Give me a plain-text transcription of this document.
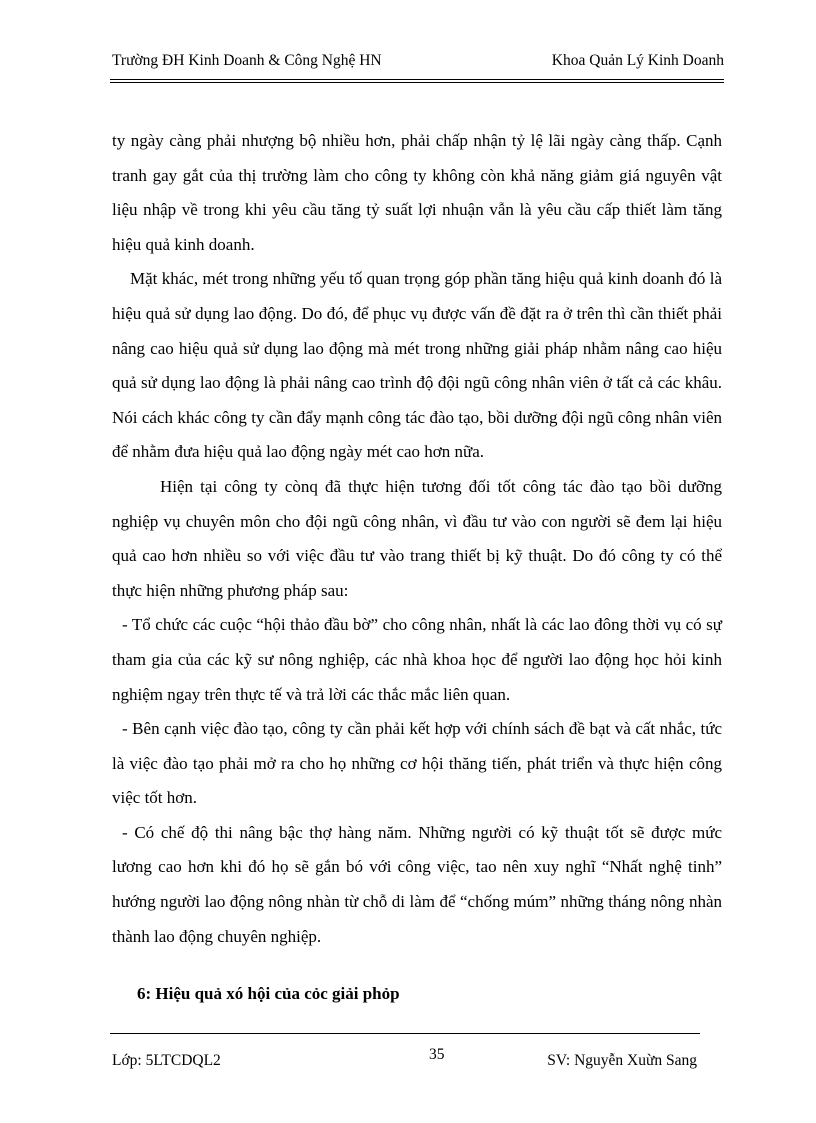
Trường ĐH Kinh Doanh & Công Nghệ HN	Khoa Quản Lý Kinh Doanh

ty ngày càng phải nhượng bộ nhiều hơn, phải chấp nhận tỷ lệ lãi ngày càng thấp. Cạnh tranh gay gắt của thị trường làm cho công ty không còn khả năng giảm giá nguyên vật liệu nhập về trong khi yêu cầu tăng tỷ suất lợi nhuận vẫn là yêu cầu cấp thiết làm tăng hiệu quả kinh doanh.

Mặt khác, mét trong những yếu tố quan trọng góp phần tăng hiệu quả kinh doanh đó là hiệu quả sử dụng lao động. Do đó, để phục vụ được vấn đề đặt ra ở trên thì cần thiết phải nâng cao hiệu quả sử dụng lao động mà mét trong những giải pháp nhằm nâng cao hiệu quả sử dụng lao động là phải nâng cao trình độ đội ngũ công nhân viên ở tất cả các khâu. Nói cách khác công ty cần đẩy mạnh công tác đào tạo, bồi dưỡng đội ngũ công nhân viên để nhằm đưa hiệu quả lao động ngày mét cao hơn nữa.

Hiện tại công ty cònq đã thực hiện tương đối tốt công tác đào tạo bồi dưỡng nghiệp vụ chuyên môn cho đội ngũ công nhân, vì đầu tư vào con người sẽ đem lại hiệu quả cao hơn nhiều so với việc đầu tư vào trang thiết bị kỹ thuật. Do đó công ty có thể thực hiện những phương pháp sau:

- Tổ chức các cuộc “hội thảo đầu bờ” cho công nhân, nhất là các lao đông thời vụ có sự tham gia của các kỹ sư nông nghiệp, các nhà khoa học để người lao động học hỏi kinh nghiệm ngay trên thực tế và trả lời các thắc mắc liên quan.

- Bên cạnh việc đào tạo, công ty cần phải kết hợp với chính sách đề bạt và cất nhắc, tức là việc đào tạo phải mở ra cho họ những cơ hội thăng tiến, phát triển và thực hiện công việc tốt hơn.

- Có chế độ thi nâng bậc thợ hàng năm. Những người có kỹ thuật tốt sẽ được mức lương cao hơn khi đó họ sẽ gắn bó với công việc, tao nên xuy nghĩ “Nhất nghệ tinh” hướng người lao động nông nhàn từ chỗ di làm để “chống múm” những tháng nông nhàn thành lao động chuyên nghiệp.

6: Hiệu quả xó hội của cỏc giải phỏp
Lớp: 5LTCDQL2	35	SV: Nguyễn Xuừn Sang
